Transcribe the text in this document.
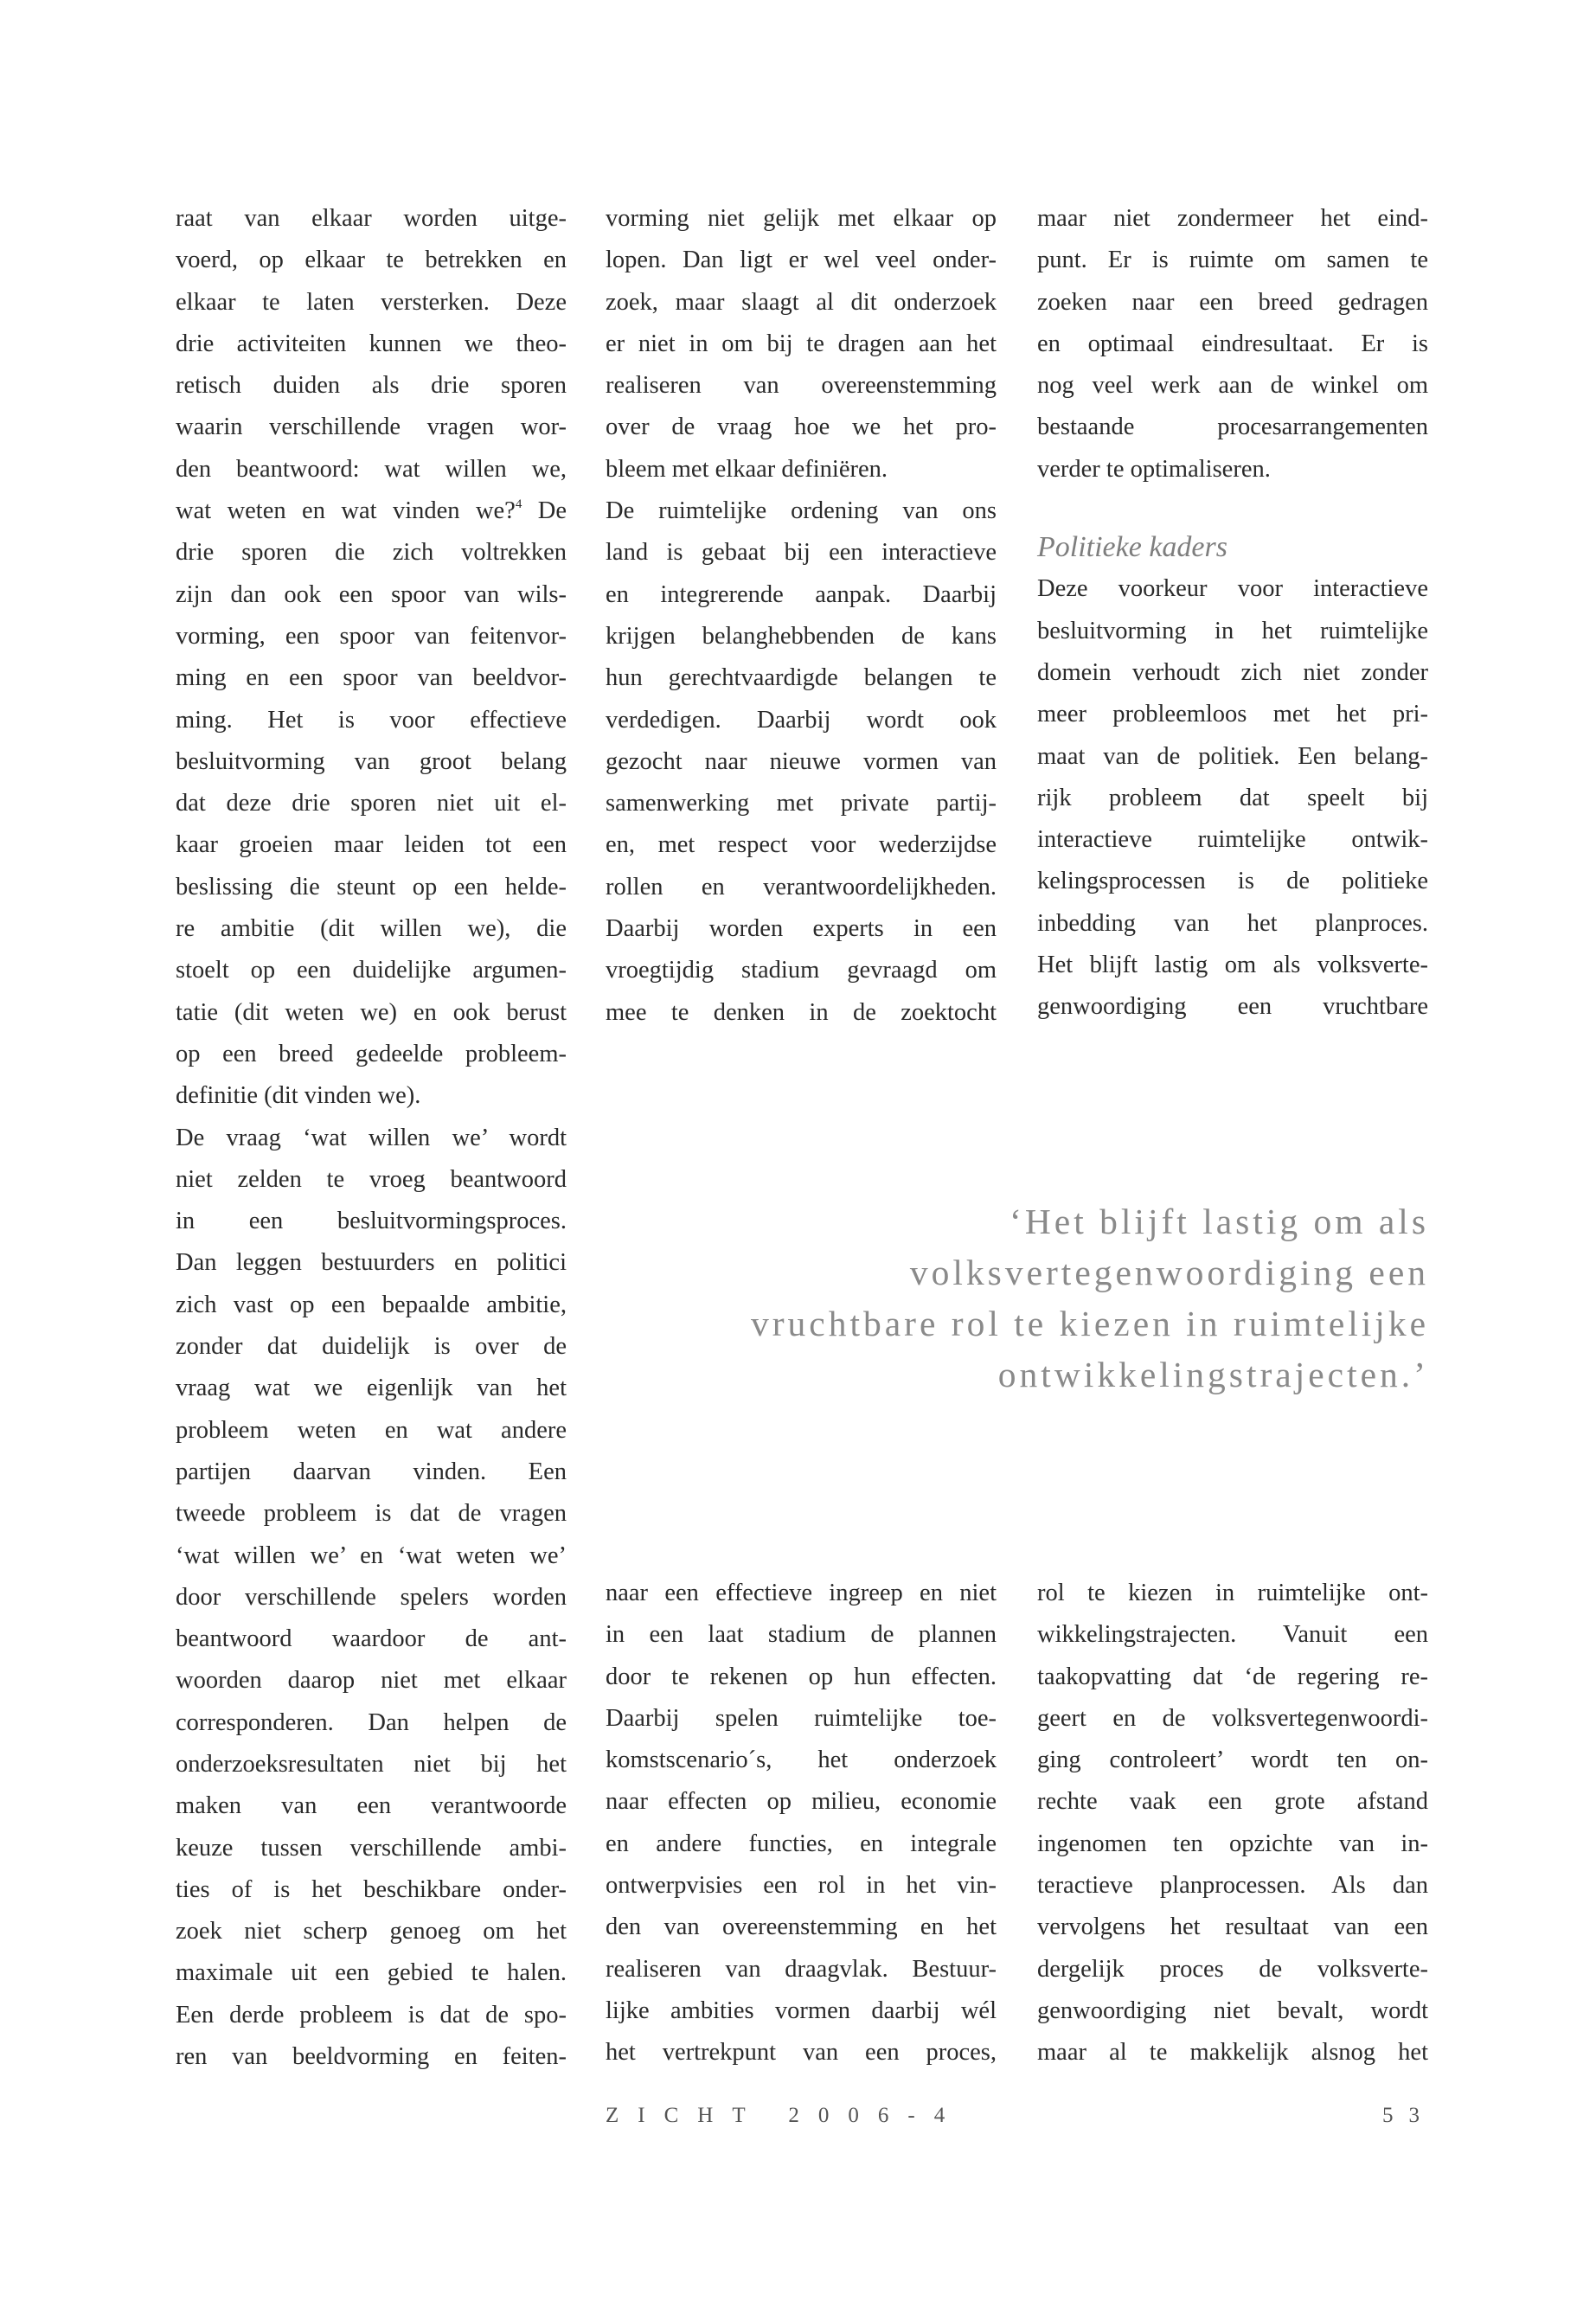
raat van elkaar worden uitge-
voerd, op elkaar te betrekken en
elkaar te laten versterken. Deze
drie activiteiten kunnen we theo-
retisch duiden als drie sporen
waarin verschillende vragen wor-
den beantwoord: wat willen we,
wat weten en wat vinden we?$^4$ De
drie sporen die zich voltrekken
zijn dan ook een spoor van wils-
vorming, een spoor van feitenvor-
ming en een spoor van beeldvor-
ming. Het is voor effectieve
besluitvorming van groot belang
dat deze drie sporen niet uit el-
kaar groeien maar leiden tot een
beslissing die steunt op een helde-
re ambitie (dit willen we), die
stoelt op een duidelijke argumen-
tatie (dit weten we) en ook berust
op een breed gedeelde probleem-
definitie (dit vinden we).
De vraag ‘wat willen we’ wordt
niet zelden te vroeg beantwoord
in een besluitvormingsproces.
Dan leggen bestuurders en politici
zich vast op een bepaalde ambitie,
zonder dat duidelijk is over de
vraag wat we eigenlijk van het
probleem weten en wat andere
partijen daarvan vinden. Een
tweede probleem is dat de vragen
‘wat willen we’ en ‘wat weten we’
door verschillende spelers worden
beantwoord waardoor de ant-
woorden daarop niet met elkaar
corresponderen. Dan helpen de
onderzoeksresultaten niet bij het
maken van een verantwoorde
keuze tussen verschillende ambi-
ties of is het beschikbare onder-
zoek niet scherp genoeg om het
maximale uit een gebied te halen.
Een derde probleem is dat de spo-
ren van beeldvorming en feiten-
vorming niet gelijk met elkaar op
lopen. Dan ligt er wel veel onder-
zoek, maar slaagt al dit onderzoek
er niet in om bij te dragen aan het
realiseren van overeenstemming
over de vraag hoe we het pro-
bleem met elkaar definiëren.
De ruimtelijke ordening van ons
land is gebaat bij een interactieve
en integrerende aanpak. Daarbij
krijgen belanghebbenden de kans
hun gerechtvaardigde belangen te
verdedigen. Daarbij wordt ook
gezocht naar nieuwe vormen van
samenwerking met private partij-
en, met respect voor wederzijdse
rollen en verantwoordelijkheden.
Daarbij worden experts in een
vroegtijdig stadium gevraagd om
mee te denken in de zoektocht
maar niet zondermeer het eind-
punt. Er is ruimte om samen te
zoeken naar een breed gedragen
en optimaal eindresultaat. Er is
nog veel werk aan de winkel om
bestaande procesarrangementen
verder te optimaliseren.
Politieke kaders
Deze voorkeur voor interactieve
besluitvorming in het ruimtelijke
domein verhoudt zich niet zonder
meer probleemloos met het pri-
maat van de politiek. Een belang-
rijk probleem dat speelt bij
interactieve ruimtelijke ontwik-
kelingsprocessen is de politieke
inbedding van het planproces.
Het blijft lastig om als volksverte-
genwoordiging een vruchtbare
‘Het blijft lastig om als
volksvertegenwoordiging een
vruchtbare rol te kiezen in ruimtelijke
ontwikkelingstrajecten.’
naar een effectieve ingreep en niet
in een laat stadium de plannen
door te rekenen op hun effecten.
Daarbij spelen ruimtelijke toe-
komstscenario´s, het onderzoek
naar effecten op milieu, economie
en andere functies, en integrale
ontwerpvisies een rol in het vin-
den van overeenstemming en het
realiseren van draagvlak. Bestuur-
lijke ambities vormen daarbij wél
het vertrekpunt van een proces,
rol te kiezen in ruimtelijke ont-
wikkelingstrajecten. Vanuit een
taakopvatting dat ‘de regering re-
geert en de volksvertegenwoordi-
ging controleert’ wordt ten on-
rechte vaak een grote afstand
ingenomen ten opzichte van in-
teractieve planprocessen. Als dan
vervolgens het resultaat van een
dergelijk proces de volksverte-
genwoordiging niet bevalt, wordt
maar al te makkelijk alsnog het
ZICHT 2006-4	53
